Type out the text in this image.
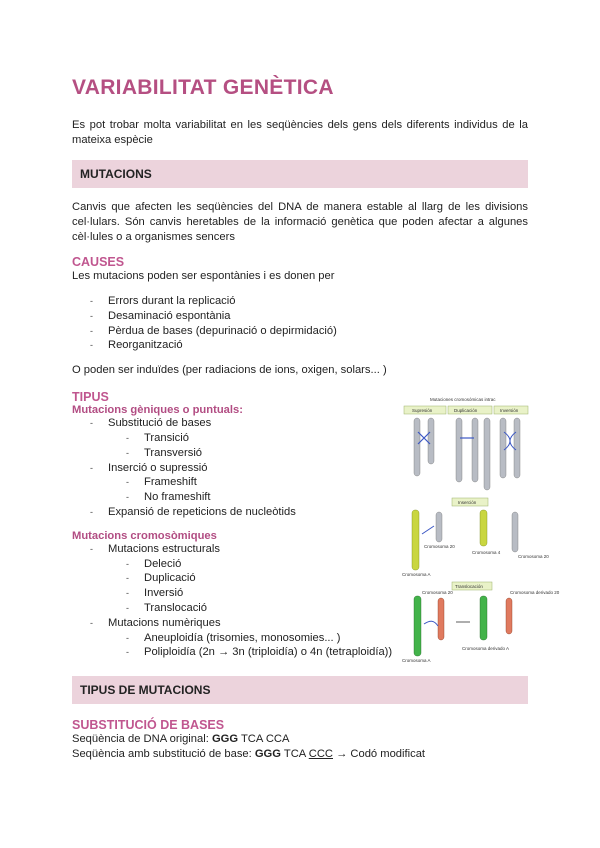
VARIABILITAT GENÈTICA

Es pot trobar molta variabilitat en les seqüències dels gens dels diferents individus de la mateixa espècie

MUTACIONS

Canvis que afecten les seqüències del DNA de manera estable al llarg de les divisions cel·lulars. Són canvis heretables de la informació genètica que poden afectar a algunes cèl·lules o a organismes sencers

CAUSES

Les mutacions poden ser espontànies i es donen per

- Errors durant la replicació
- Desaminació espontània
- Pèrdua de bases (depurinació o depirmidació)
- Reorganització

O poden ser induïdes (per radiacions de ions, oxigen, solars... )

TIPUS
Mutacions gèniques o puntuals:
- Substitució de bases
- Transició
- Transversió
- Inserció o supressió
- Frameshift
- No frameshift
- Expansió de repeticions de nucleòtids
Mutacions cromosòmiques
- Mutacions estructurals
- Deleció
- Duplicació
- Inversió
- Translocació
- Mutacions numèriques
- Aneuploidía (trisomies, monosomies... )
- Poliploidía (2n → 3n (triploidía) o 4n (tetraploidía))
TIPUS DE MUTACIONS
SUBSTITUCIÓ DE BASES

Seqüència de DNA original: GGG TCA CCA

Seqüència amb substitució de base: GGG TCA CCC → Codó modificat

Mutaciones cromosómicas intrac
Supresión	Duplicación	Inversión
Inserción
Cromosoma 20
Cromosoma 4
Cromosoma 20
Cromosoma A
Translocación
Cromosoma 20	Cromosoma derivado 20
Cromosoma A
Cromosoma derivado A
